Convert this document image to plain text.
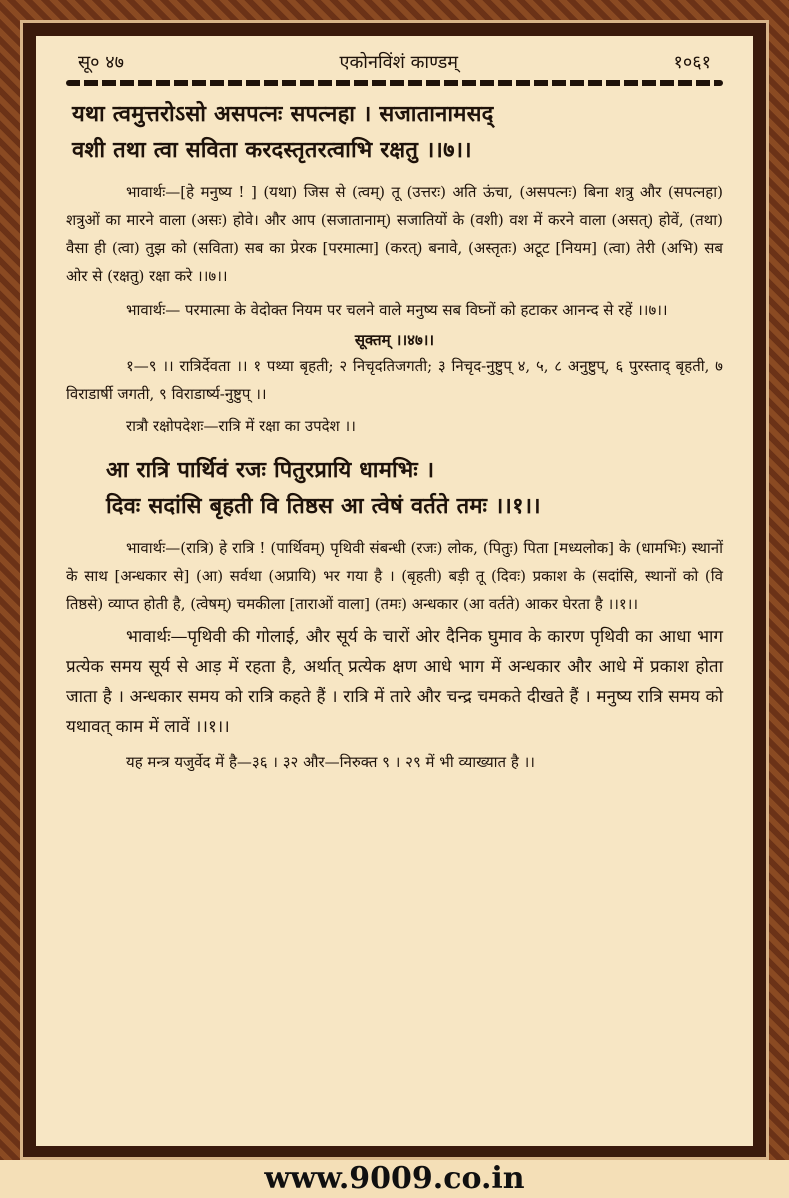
सू० ४७	एकोनविंशं काण्डम्	१०६१
यथा त्वमुत्तरोऽसो असपत्नः सपत्नहा । सजातानामसद्
वशी तथा त्वा सविता करदस्तृतरत्वाभि रक्षतु ।।७।।

भावार्थः—[हे मनुष्य ! ] (यथा) जिस से (त्वम्) तू (उत्तरः) अति ऊंचा, (असपत्नः) बिना शत्रु और (सपत्नहा) शत्रुओं का मारने वाला (असः) होवे। और आप (सजातानाम्) सजातियों के (वशी) वश में करने वाला (असत्) होवें, (तथा) वैसा ही (त्वा) तुझ को (सविता) सब का प्रेरक [परमात्मा] (करत्) बनावे, (अस्तृतः) अटूट [नियम] (त्वा) तेरी (अभि) सब ओर से (रक्षतु) रक्षा करे ।।७।।

भावार्थः— परमात्मा के वेदोक्त नियम पर चलने वाले मनुष्य सब विघ्नों को हटाकर आनन्द से रहें ।।७।।

सूक्तम् ।।४७।।

१—९ ।। रात्रिर्देवता ।। १ पथ्या बृहती; २ निचृदतिजगती; ३ निचृद-नुष्टुप् ४, ५, ८ अनुष्टुप्, ६ पुरस्ताद् बृहती, ७ विराडार्षी जगती, ९ विराडार्ष्य-नुष्टुप् ।।

रात्रौ रक्षोपदेशः—रात्रि में रक्षा का उपदेश ।।

आ रात्रि पार्थिवं रजः पितुरप्रायि धामभिः ।
दिवः सदांसि बृहती वि तिष्ठस आ त्वेषं वर्तते तमः ।।१।।

भावार्थः—(रात्रि) हे रात्रि ! (पार्थिवम्) पृथिवी संबन्धी (रजः) लोक, (पितुः) पिता [मध्यलोक] के (धामभिः) स्थानों के साथ [अन्धकार से] (आ) सर्वथा (अप्रायि) भर गया है । (बृहती) बड़ी तू (दिवः) प्रकाश के (सदांसि, स्थानों को (वि तिष्ठसे) व्याप्त होती है, (त्वेषम्) चमकीला [ताराओं वाला] (तमः) अन्धकार (आ वर्तते) आकर घेरता है ।।१।।

भावार्थः—पृथिवी की गोलाई, और सूर्य के चारों ओर दैनिक घुमाव के कारण पृथिवी का आधा भाग प्रत्येक समय सूर्य से आड़ में रहता है, अर्थात् प्रत्येक क्षण आधे भाग में अन्धकार और आधे में प्रकाश होता जाता है । अन्धकार समय को रात्रि कहते हैं । रात्रि में तारे और चन्द्र चमकते दीखते हैं । मनुष्य रात्रि समय को यथावत् काम में लावें ।।१।।

यह मन्त्र यजुर्वेद में है—३६ । ३२ और—निरुक्त ९ । २९ में भी व्याख्यात है ।।

www.9009.co.in
